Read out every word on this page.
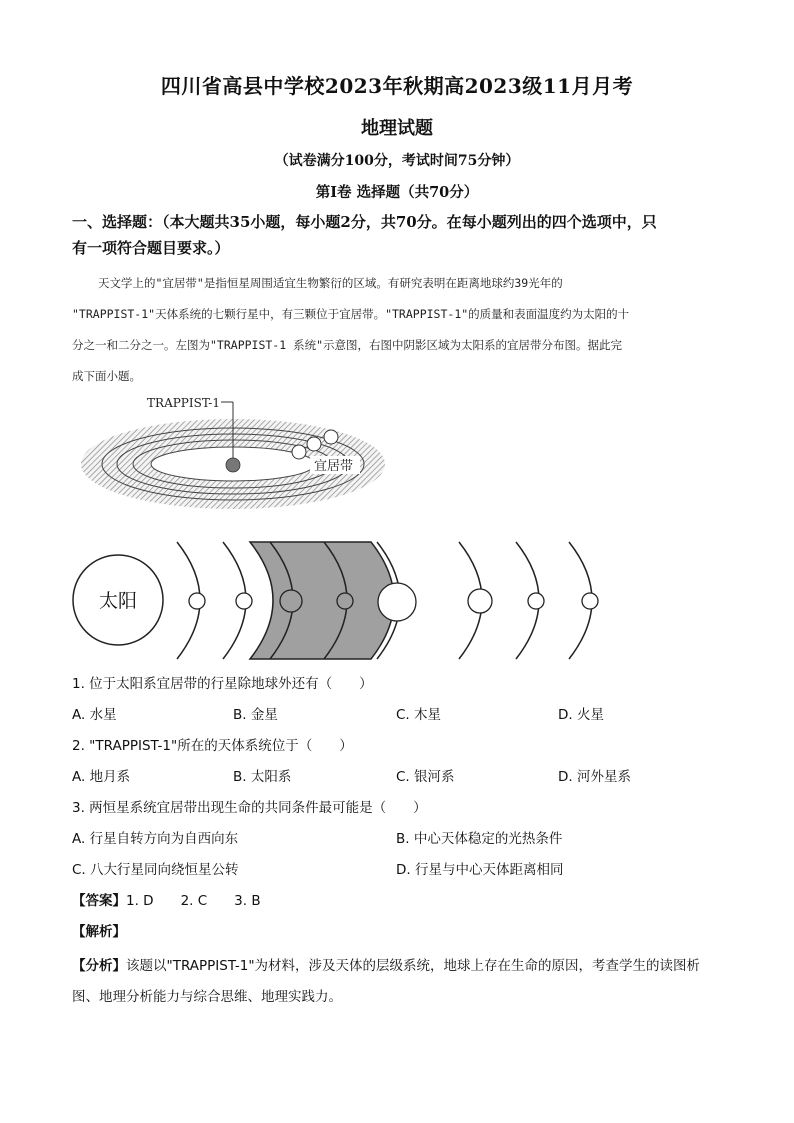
四川省高县中学校2023年秋期高2023级11月月考
地理试题
（试卷满分100分，考试时间75分钟）
第Ⅰ卷 选择题（共70分）
一、选择题：（本大题共35小题，每小题2分，共70分。在每小题列出的四个选项中，只
有一项符合题目要求。）

天文学上的"宜居带"是指恒星周围适宜生物繁衍的区域。有研究表明在距离地球约39光年的

"TRAPPIST-1"天体系统的七颗行星中，有三颗位于宜居带。"TRAPPIST-1"的质量和表面温度约为太阳的十
分之一和二分之一。左图为"TRAPPIST-1 系统"示意图，右图中阴影区域为太阳系的宜居带分布图。据此完
成下面小题。
TRAPPIST-1
宜居带
太阳
1. 位于太阳系宜居带的行星除地球外还有（　　）
A. 水星	B. 金星	C. 木星	D. 火星
2. "TRAPPIST-1"所在的天体系统位于（　　）
A. 地月系	B. 太阳系	C. 银河系	D. 河外星系
3. 两恒星系统宜居带出现生命的共同条件最可能是（　　）
A. 行星自转方向为自西向东	B. 中心天体稳定的光热条件
C. 八大行星同向绕恒星公转	D. 行星与中心天体距离相同
【答案】1. D　　2. C　　3. B
【解析】
【分析】该题以"TRAPPIST-1"为材料，涉及天体的层级系统，地球上存在生命的原因，考查学生的读图析
图、地理分析能力与综合思维、地理实践力。
